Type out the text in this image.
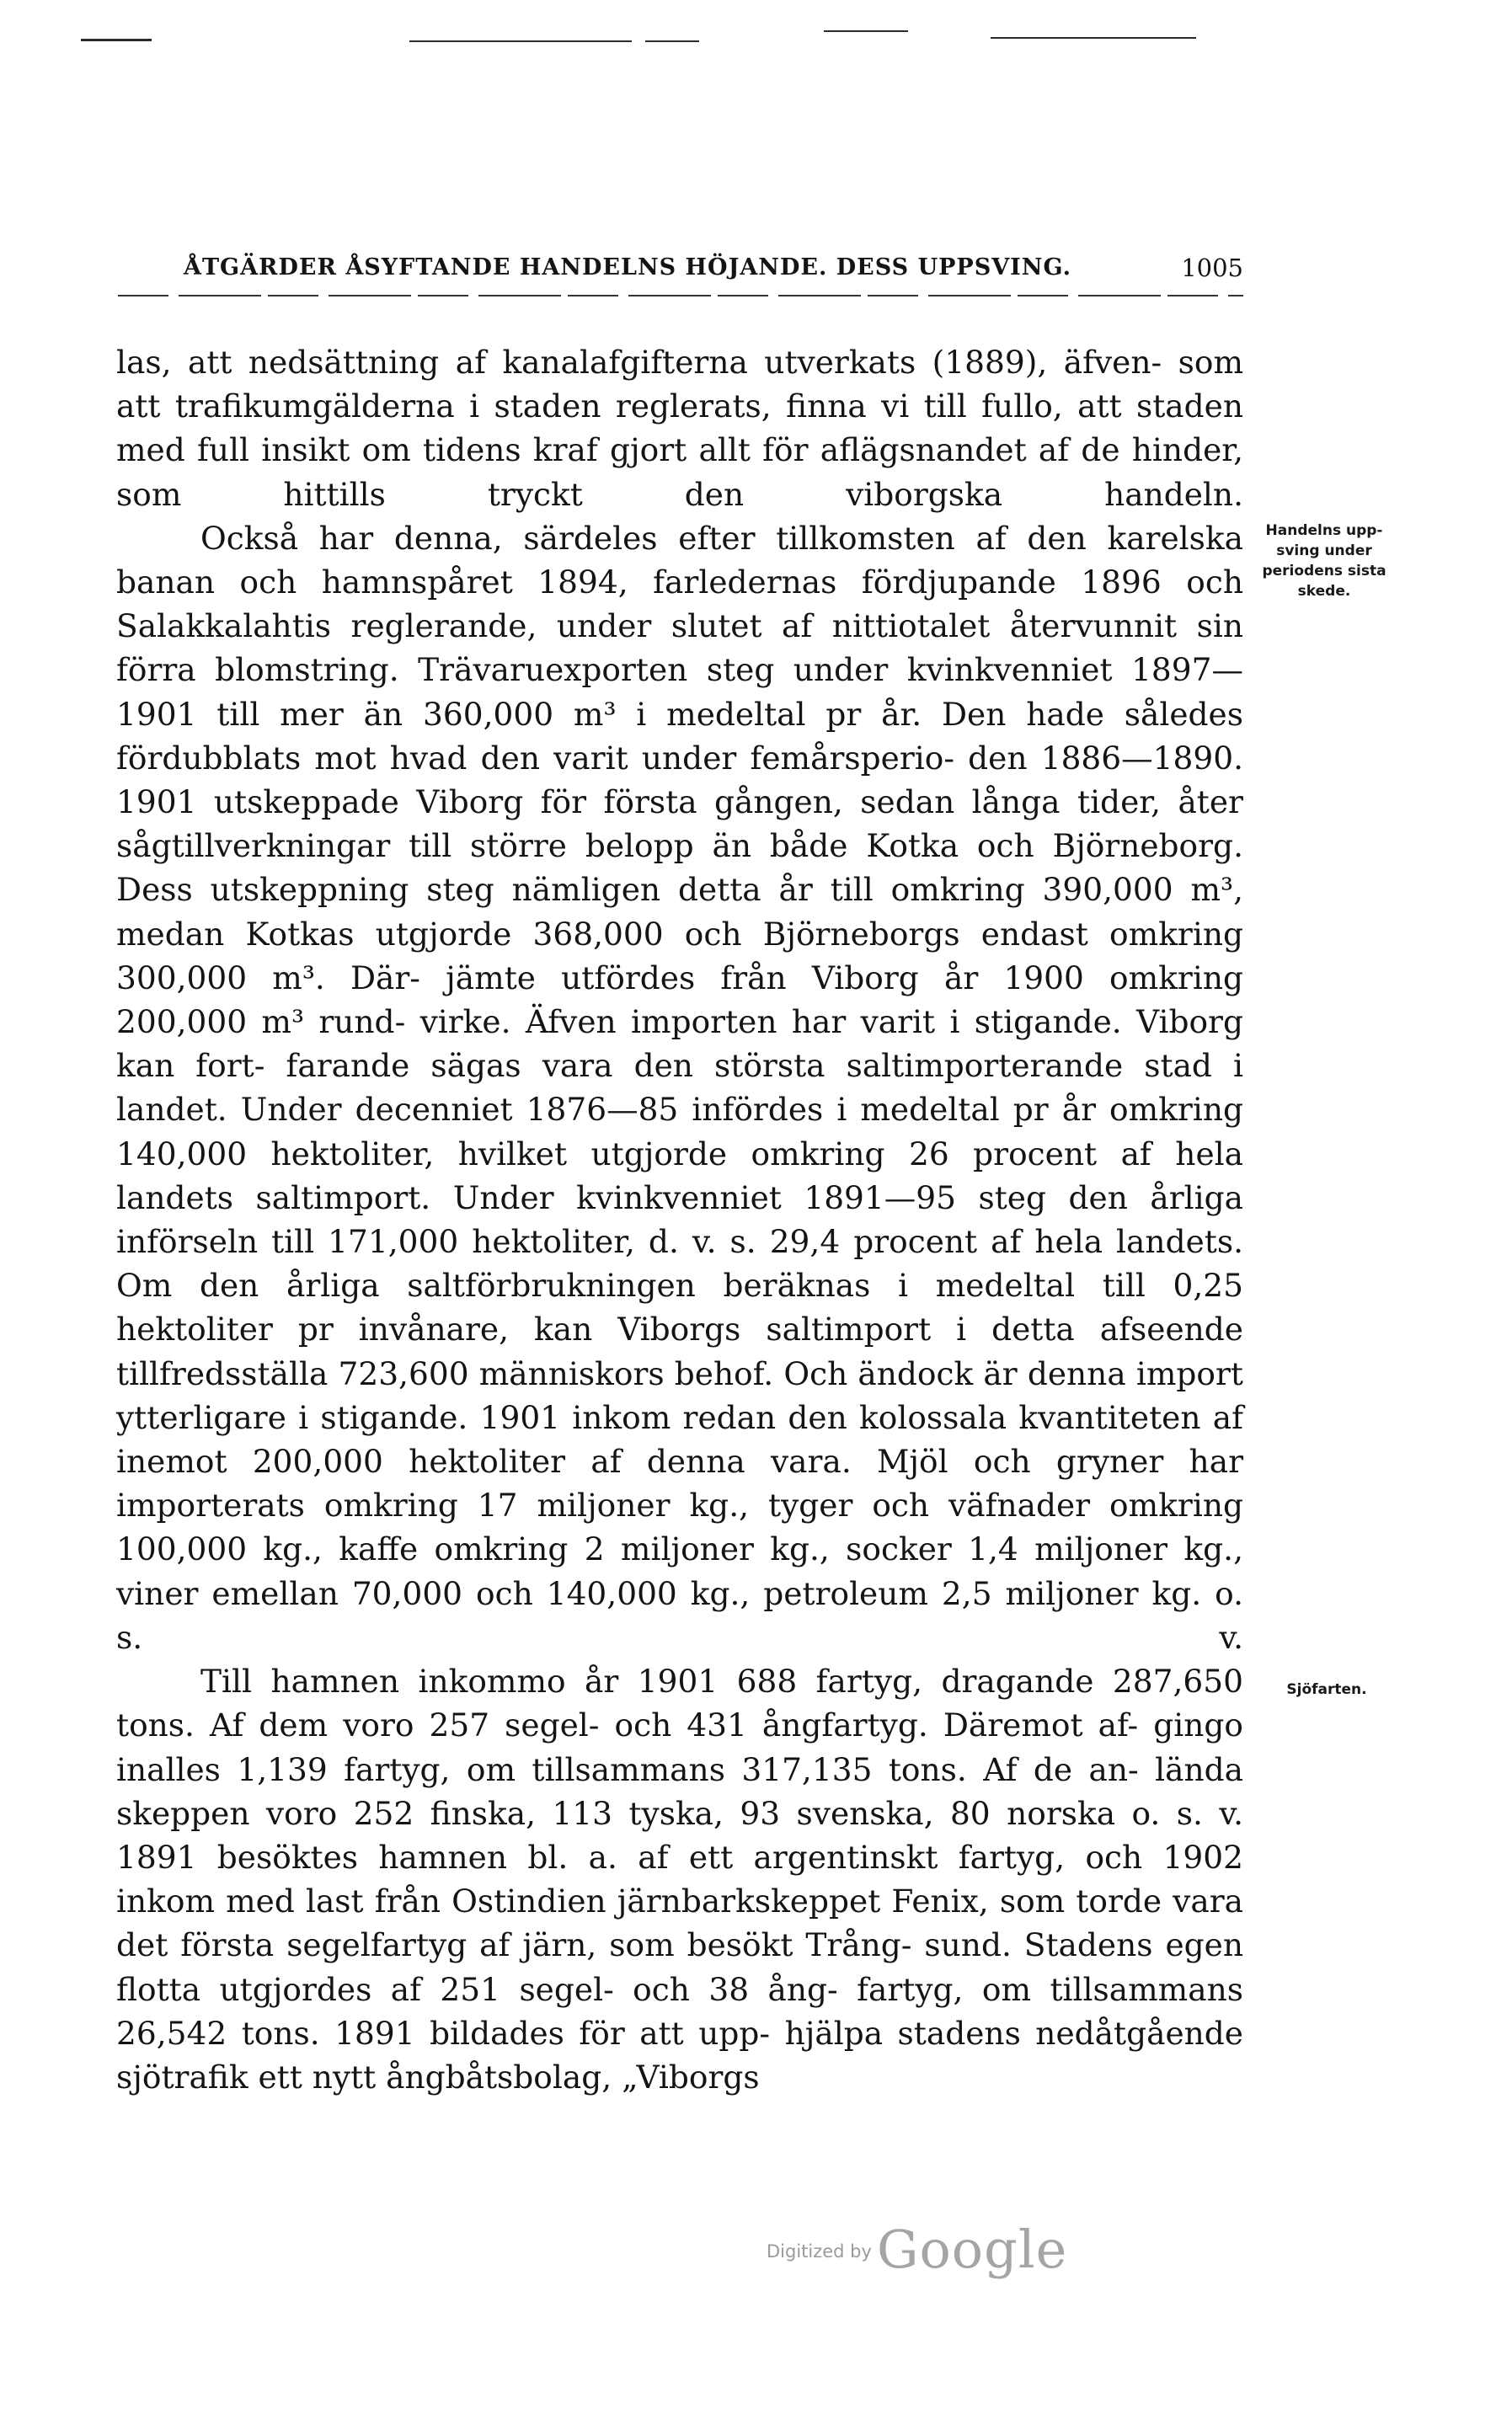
ÅTGÄRDER ÅSYFTANDE HANDELNS HÖJANDE. DESS UPPSVING.	1005

las, att nedsättning af kanalafgifterna utverkats (1889), äfven- som att trafikumgälderna i staden reglerats, finna vi till fullo, att staden med full insikt om tidens kraf gjort allt för aflägsnandet af de hinder, som hittills tryckt den viborgska handeln.

Också har denna, särdeles efter tillkomsten af den karelska banan och hamnspåret 1894, farledernas fördjupande 1896 och Salakkalahtis reglerande, under slutet af nittiotalet återvunnit sin förra blomstring. Trävaruexporten steg under kvinkvenniet 1897—1901 till mer än 360,000 m³ i medeltal pr år. Den hade således fördubblats mot hvad den varit under femårsperio- den 1886—1890. 1901 utskeppade Viborg för första gången, sedan långa tider, åter sågtillverkningar till större belopp än både Kotka och Björneborg. Dess utskeppning steg nämligen detta år till omkring 390,000 m³, medan Kotkas utgjorde 368,000 och Björneborgs endast omkring 300,000 m³. Där- jämte utfördes från Viborg år 1900 omkring 200,000 m³ rund- virke. Äfven importen har varit i stigande. Viborg kan fort- farande sägas vara den största saltimporterande stad i landet. Under decenniet 1876—85 infördes i medeltal pr år omkring 140,000 hektoliter, hvilket utgjorde omkring 26 procent af hela landets saltimport. Under kvinkvenniet 1891—95 steg den årliga införseln till 171,000 hektoliter, d. v. s. 29,4 procent af hela landets. Om den årliga saltförbrukningen beräknas i medeltal till 0,25 hektoliter pr invånare, kan Viborgs saltimport i detta afseende tillfredsställa 723,600 människors behof. Och ändock är denna import ytterligare i stigande. 1901 inkom redan den kolossala kvantiteten af inemot 200,000 hektoliter af denna vara. Mjöl och gryner har importerats omkring 17 miljoner kg., tyger och väfnader omkring 100,000 kg., kaffe omkring 2 miljoner kg., socker 1,4 miljoner kg., viner emellan 70,000 och 140,000 kg., petroleum 2,5 miljoner kg. o. s. v.

Till hamnen inkommo år 1901 688 fartyg, dragande 287,650 tons. Af dem voro 257 segel- och 431 ångfartyg. Däremot af- gingo inalles 1,139 fartyg, om tillsammans 317,135 tons. Af de an- lända skeppen voro 252 finska, 113 tyska, 93 svenska, 80 norska o. s. v. 1891 besöktes hamnen bl. a. af ett argentinskt fartyg, och 1902 inkom med last från Ostindien järnbarkskeppet Fenix, som torde vara det första segelfartyg af järn, som besökt Trång- sund. Stadens egen flotta utgjordes af 251 segel- och 38 ång- fartyg, om tillsammans 26,542 tons. 1891 bildades för att upp- hjälpa stadens nedåtgående sjötrafik ett nytt ångbåtsbolag, „Viborgs

Handelns upp- sving under periodens sista skede.
Sjöfarten.
Digitized byGoogle
